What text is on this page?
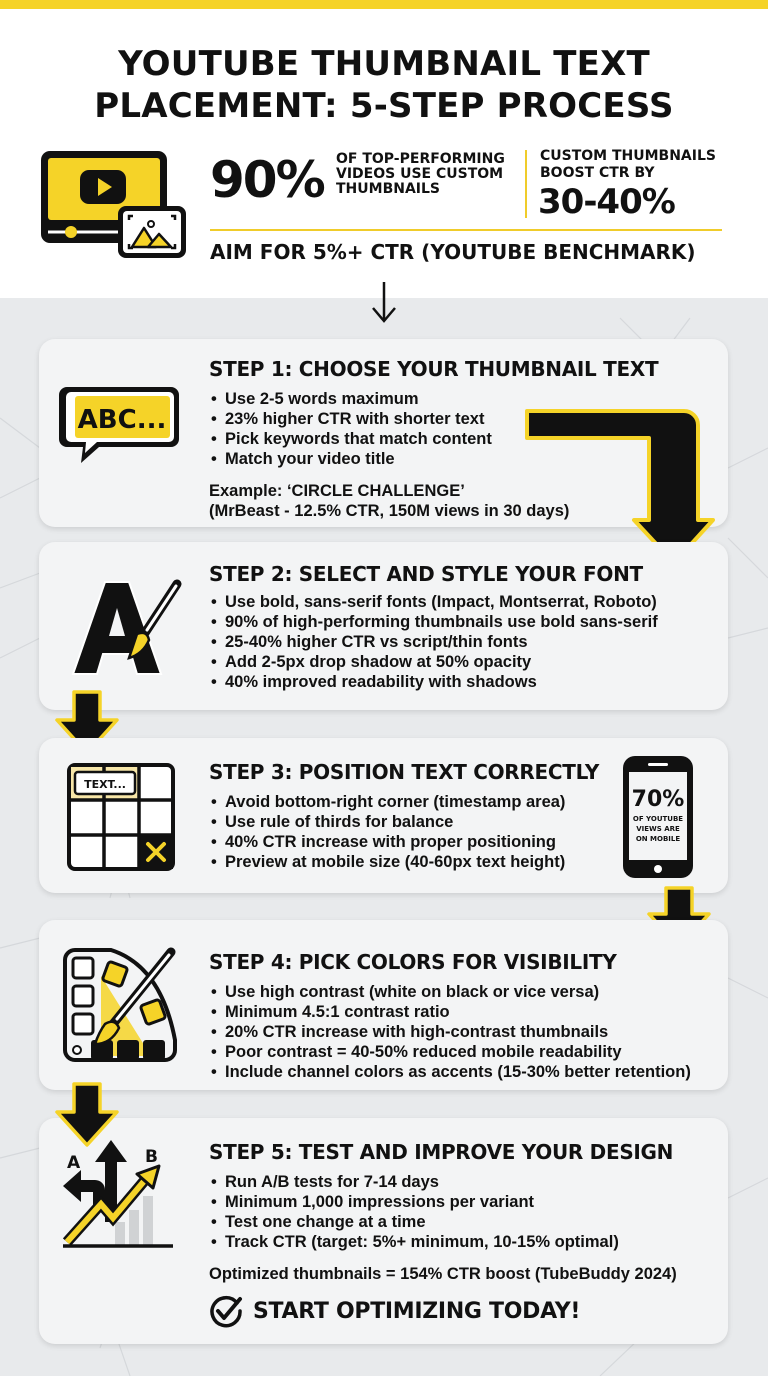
YOUTUBE THUMBNAIL TEXT
PLACEMENT: 5-STEP PROCESS
90% OF TOP-PERFORMING
VIDEOS USE CUSTOM
THUMBNAILS
CUSTOM THUMBNAILS
BOOST CTR BY
30-40%
AIM FOR 5%+ CTR (YOUTUBE BENCHMARK)
ABC...
STEP 1: CHOOSE YOUR THUMBNAIL TEXT
• Use 2-5 words maximum
• 23% higher CTR with shorter text
• Pick keywords that match content
• Match your video title
Example: ‘CIRCLE CHALLENGE’
(MrBeast - 12.5% CTR, 150M views in 30 days)
STEP 2: SELECT AND STYLE YOUR FONT
• Use bold, sans-serif fonts (Impact, Montserrat, Roboto)
• 90% of high-performing thumbnails use bold sans-serif
• 25-40% higher CTR vs script/thin fonts
• Add 2-5px drop shadow at 50% opacity
• 40% improved readability with shadows
TEXT...
STEP 3: POSITION TEXT CORRECTLY
• Avoid bottom-right corner (timestamp area)
• Use rule of thirds for balance
• 40% CTR increase with proper positioning
• Preview at mobile size (40-60px text height)
70%
OF YOUTUBE
VIEWS ARE
ON MOBILE
STEP 4: PICK COLORS FOR VISIBILITY
• Use high contrast (white on black or vice versa)
• Minimum 4.5:1 contrast ratio
• 20% CTR increase with high-contrast thumbnails
• Poor contrast = 40-50% reduced mobile readability
• Include channel colors as accents (15-30% better retention)
A	B	STEP 5: TEST AND IMPROVE YOUR DESIGN
• Run A/B tests for 7-14 days
• Minimum 1,000 impressions per variant
• Test one change at a time
• Track CTR (target: 5%+ minimum, 10-15% optimal)
Optimized thumbnails = 154% CTR boost (TubeBuddy 2024)
START OPTIMIZING TODAY!
